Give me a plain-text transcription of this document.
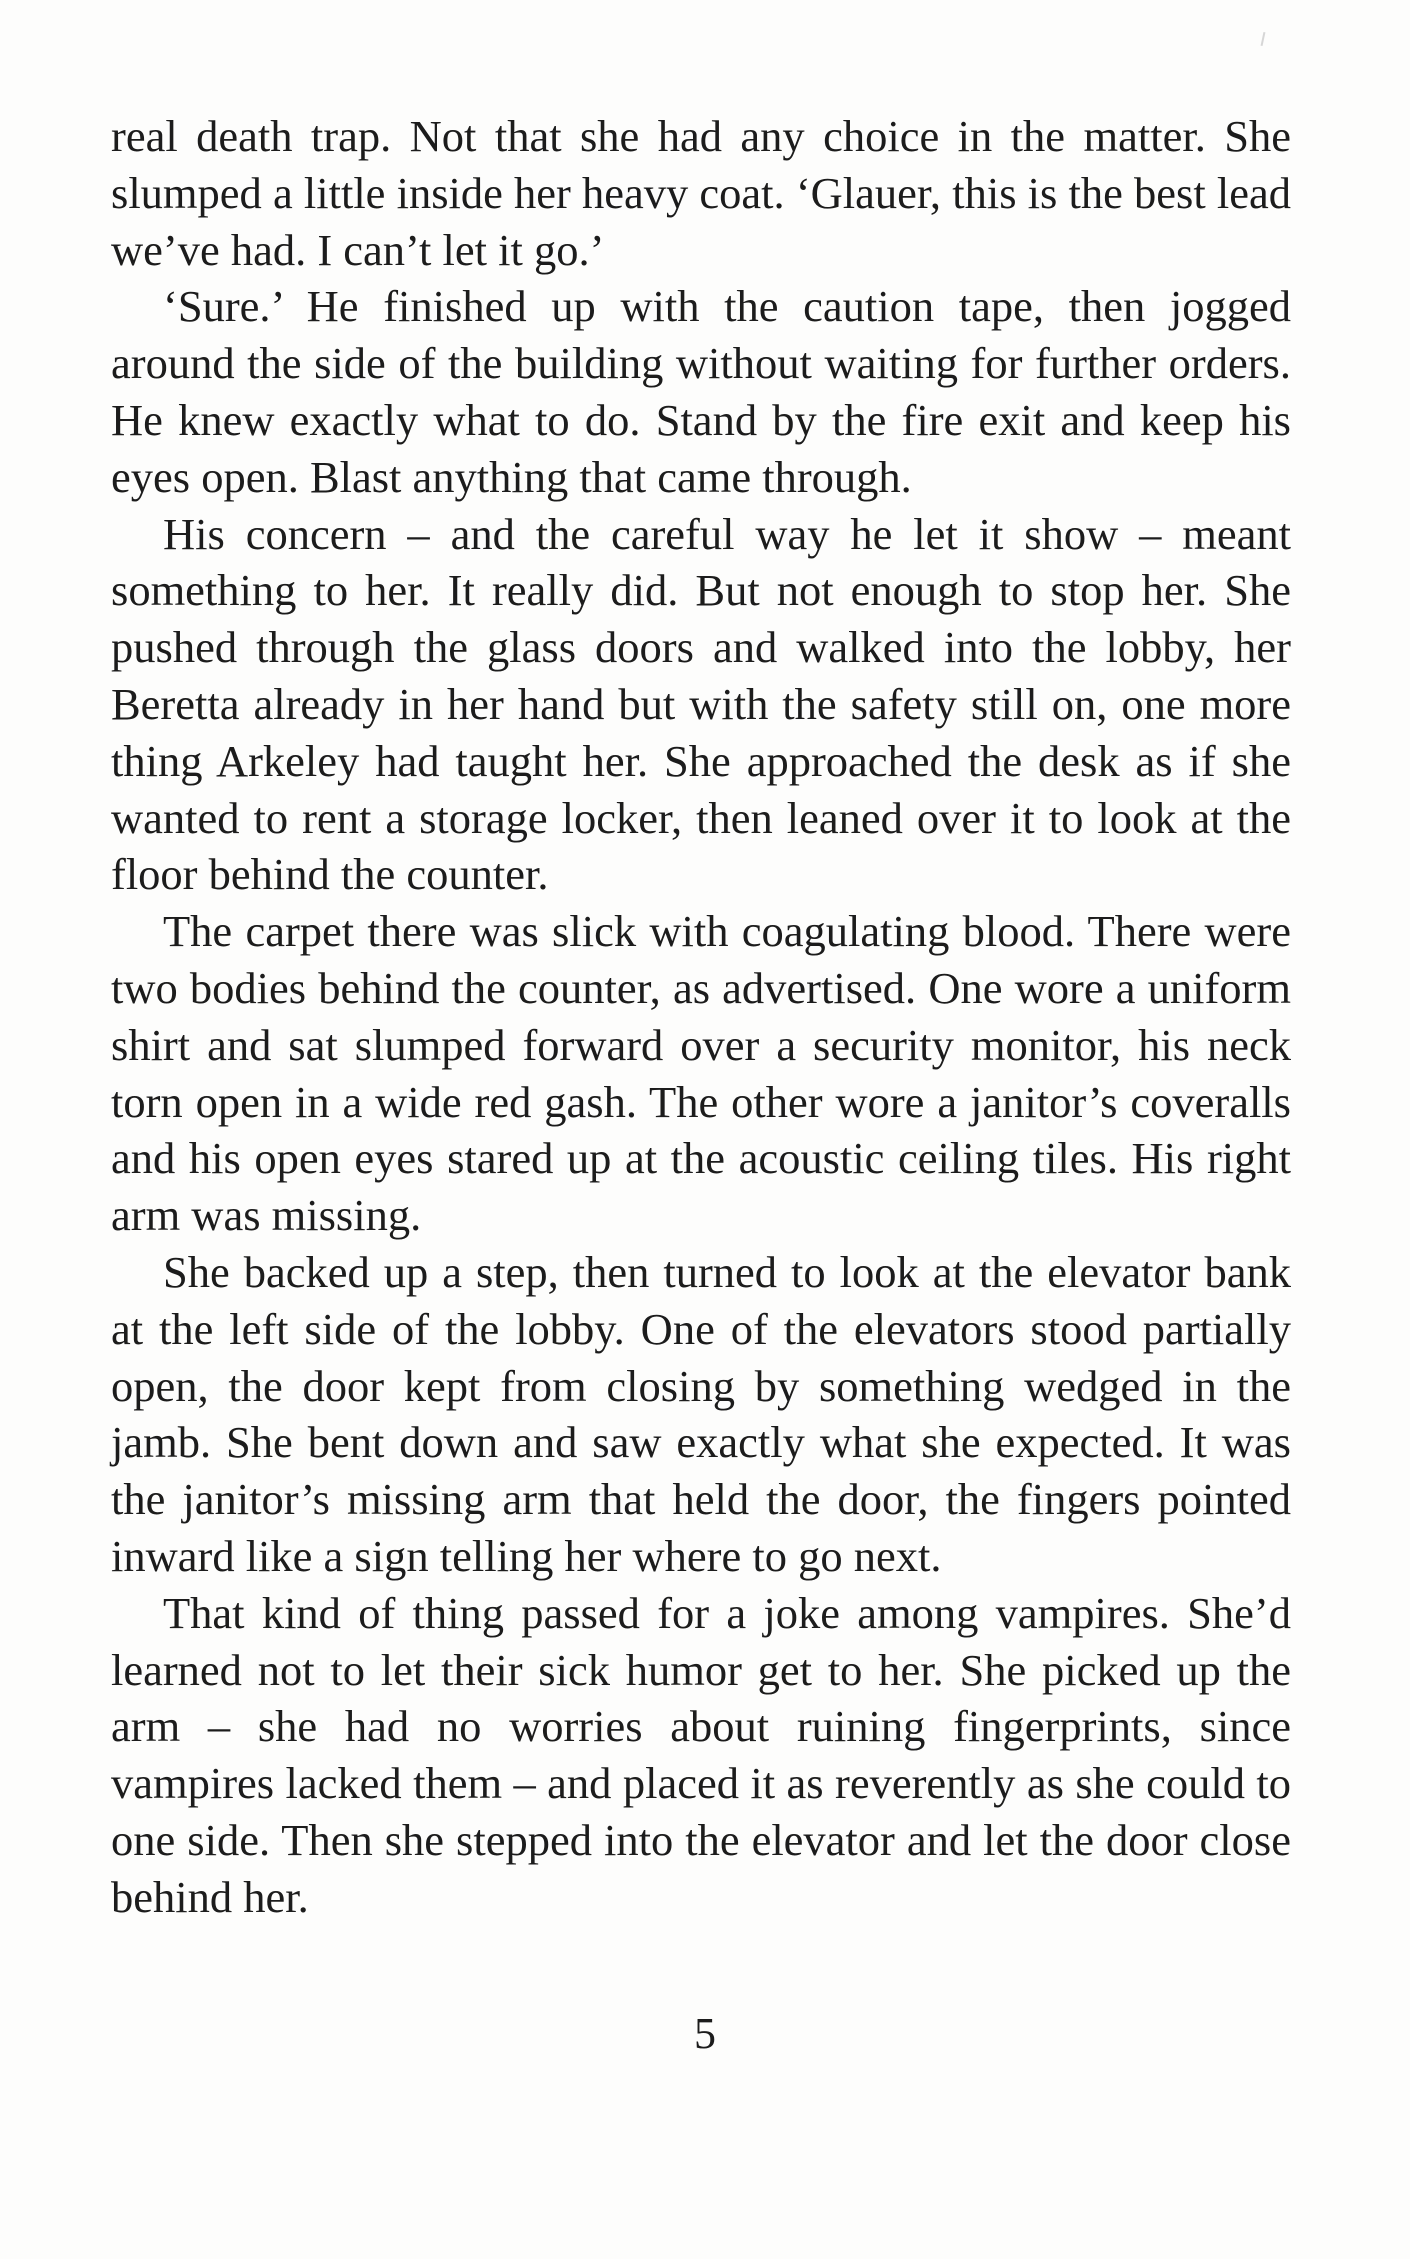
real death trap. Not that she had any choice in the matter. She slumped a little inside her heavy coat. ‘Glauer, this is the best lead we’ve had. I can’t let it go.’

‘Sure.’ He finished up with the caution tape, then jogged around the side of the building without waiting for further orders. He knew exactly what to do. Stand by the fire exit and keep his eyes open. Blast anything that came through.

His concern – and the careful way he let it show – meant something to her. It really did. But not enough to stop her. She pushed through the glass doors and walked into the lobby, her Beretta already in her hand but with the safety still on, one more thing Arkeley had taught her. She approached the desk as if she wanted to rent a storage locker, then leaned over it to look at the floor behind the counter.

The carpet there was slick with coagulating blood. There were two bodies behind the counter, as advertised. One wore a uniform shirt and sat slumped forward over a security monitor, his neck torn open in a wide red gash. The other wore a janitor’s coveralls and his open eyes stared up at the acoustic ceiling tiles. His right arm was missing.

She backed up a step, then turned to look at the elevator bank at the left side of the lobby. One of the elevators stood partially open, the door kept from closing by something wedged in the jamb. She bent down and saw exactly what she expected. It was the janitor’s missing arm that held the door, the fingers pointed inward like a sign telling her where to go next.

That kind of thing passed for a joke among vampires. She’d learned not to let their sick humor get to her. She picked up the arm – she had no worries about ruining fingerprints, since vampires lacked them – and placed it as reverently as she could to one side. Then she stepped into the elevator and let the door close behind her.

5
